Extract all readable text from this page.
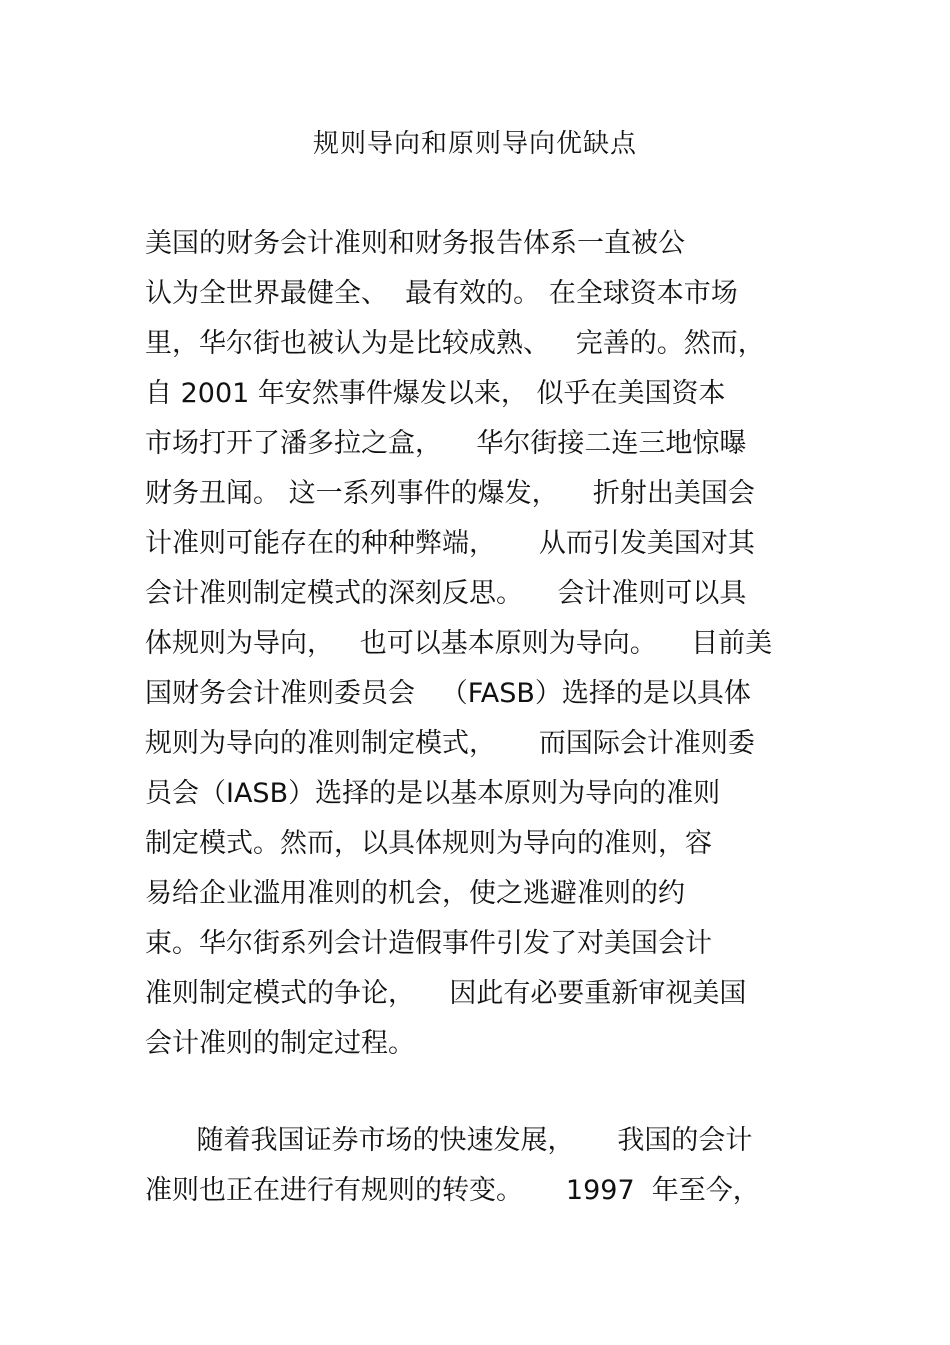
规则导向和原则导向优缺点
美国的财务会计准则和财务报告体系一直被公
认为全世界最健全、  最有效的。 在全球资本市场
里，华尔街也被认为是比较成熟、   完善的。然而，
自 2001 年安然事件爆发以来， 似乎在美国资本
市场打开了潘多拉之盒，    华尔街接二连三地惊曝
财务丑闻。 这一系列事件的爆发，    折射出美国会
计准则可能存在的种种弊端，     从而引发美国对其
会计准则制定模式的深刻反思。    会计准则可以具
体规则为导向，   也可以基本原则为导向。    目前美
国财务会计准则委员会   （FASB）选择的是以具体
规则为导向的准则制定模式，     而国际会计准则委
员会（IASB）选择的是以基本原则为导向的准则
制定模式。然而，以具体规则为导向的准则，容
易给企业滥用准则的机会，使之逃避准则的约
束。华尔街系列会计造假事件引发了对美国会计
准则制定模式的争论，    因此有必要重新审视美国
会计准则的制定过程。
随着我国证券市场的快速发展，     我国的会计
准则也正在进行有规则的转变。     1997  年至今，
